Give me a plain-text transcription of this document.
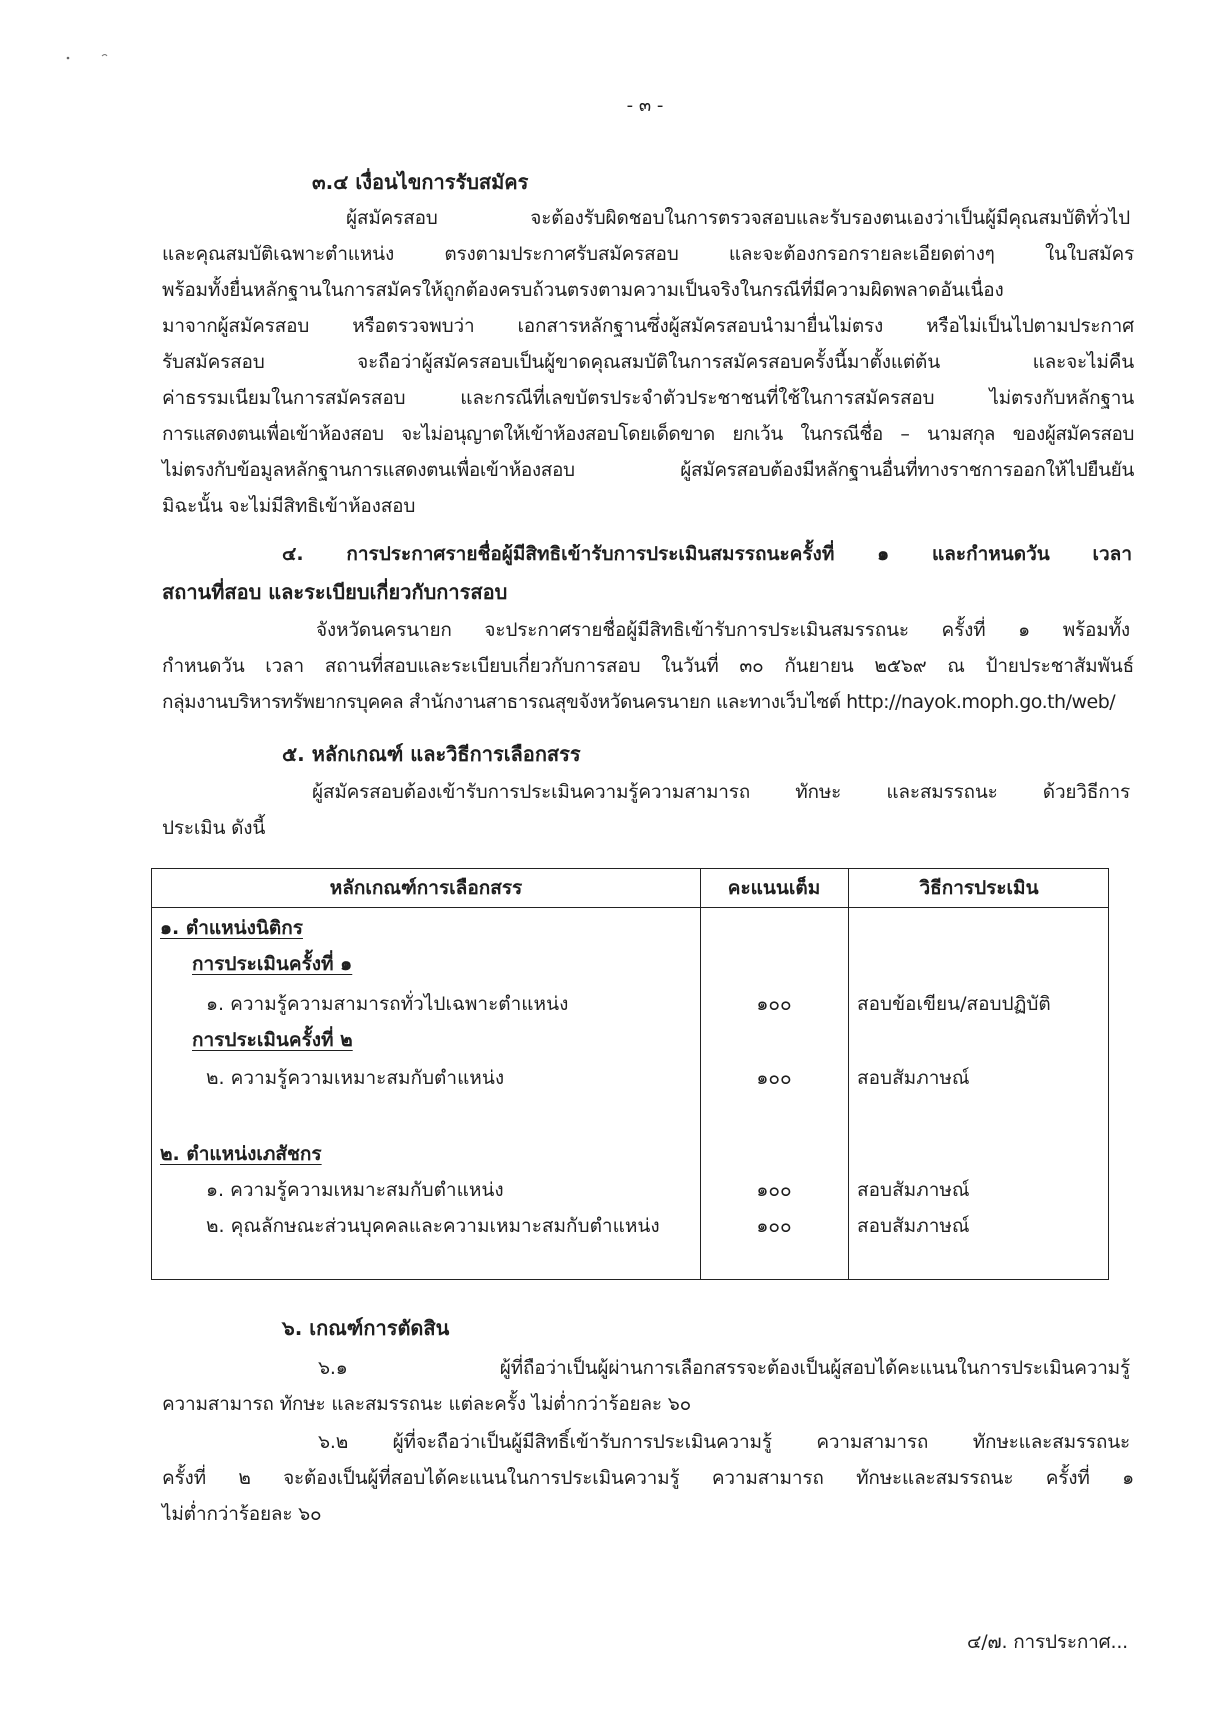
- ๓ -
๓.๔ เงื่อนไขการรับสมัคร
ผู้สมัครสอบ จะต้องรับผิดชอบในการตรวจสอบและรับรองตนเองว่าเป็นผู้มีคุณสมบัติทั่วไป
และคุณสมบัติเฉพาะตำแหน่ง ตรงตามประกาศรับสมัครสอบ และจะต้องกรอกรายละเอียดต่างๆ ในใบสมัคร
พร้อมทั้งยื่นหลักฐานในการสมัครให้ถูกต้องครบถ้วนตรงตามความเป็นจริงในกรณีที่มีความผิดพลาดอันเนื่อง
มาจากผู้สมัครสอบ หรือตรวจพบว่า เอกสารหลักฐานซึ่งผู้สมัครสอบนำมายื่นไม่ตรง หรือไม่เป็นไปตามประกาศ
รับสมัครสอบ จะถือว่าผู้สมัครสอบเป็นผู้ขาดคุณสมบัติในการสมัครสอบครั้งนี้มาตั้งแต่ต้น และจะไม่คืน
ค่าธรรมเนียมในการสมัครสอบ และกรณีที่เลขบัตรประจำตัวประชาชนที่ใช้ในการสมัครสอบ ไม่ตรงกับหลักฐาน
การแสดงตนเพื่อเข้าห้องสอบ จะไม่อนุญาตให้เข้าห้องสอบโดยเด็ดขาด ยกเว้น ในกรณีชื่อ – นามสกุล ของผู้สมัครสอบ
ไม่ตรงกับข้อมูลหลักฐานการแสดงตนเพื่อเข้าห้องสอบ ผู้สมัครสอบต้องมีหลักฐานอื่นที่ทางราชการออกให้ไปยืนยัน
มิฉะนั้น จะไม่มีสิทธิเข้าห้องสอบ
๔. การประกาศรายชื่อผู้มีสิทธิเข้ารับการประเมินสมรรถนะครั้งที่ ๑ และกำหนดวัน เวลา
สถานที่สอบ และระเบียบเกี่ยวกับการสอบ
จังหวัดนครนายก จะประกาศรายชื่อผู้มีสิทธิเข้ารับการประเมินสมรรถนะ ครั้งที่ ๑ พร้อมทั้ง
กำหนดวัน เวลา สถานที่สอบและระเบียบเกี่ยวกับการสอบ ในวันที่ ๓๐ กันยายน ๒๕๖๙ ณ ป้ายประชาสัมพันธ์
กลุ่มงานบริหารทรัพยากรบุคคล สำนักงานสาธารณสุขจังหวัดนครนายก และทางเว็บไซต์ http://nayok.moph.go.th/web/
๕. หลักเกณฑ์ และวิธีการเลือกสรร
ผู้สมัครสอบต้องเข้ารับการประเมินความรู้ความสามารถ ทักษะ และสมรรถนะ ด้วยวิธีการ
ประเมิน ดังนี้
หลักเกณฑ์การเลือกสรร	คะแนนเต็ม	วิธีการประเมิน
๑. ตำแหน่งนิติกร
การประเมินครั้งที่ ๑
๑. ความรู้ความสามารถทั่วไปเฉพาะตำแหน่ง	๑๐๐	สอบข้อเขียน/สอบปฏิบัติ
การประเมินครั้งที่ ๒
๒. ความรู้ความเหมาะสมกับตำแหน่ง	๑๐๐	สอบสัมภาษณ์
๒. ตำแหน่งเภสัชกร
๑. ความรู้ความเหมาะสมกับตำแหน่ง	๑๐๐	สอบสัมภาษณ์
๒. คุณลักษณะส่วนบุคคลและความเหมาะสมกับตำแหน่ง	๑๐๐	สอบสัมภาษณ์
๖. เกณฑ์การตัดสิน
๖.๑ ผู้ที่ถือว่าเป็นผู้ผ่านการเลือกสรรจะต้องเป็นผู้สอบได้คะแนนในการประเมินความรู้
ความสามารถ ทักษะ และสมรรถนะ แต่ละครั้ง ไม่ต่ำกว่าร้อยละ ๖๐
๖.๒ ผู้ที่จะถือว่าเป็นผู้มีสิทธิ์เข้ารับการประเมินความรู้ ความสามารถ ทักษะและสมรรถนะ
ครั้งที่ ๒ จะต้องเป็นผู้ที่สอบได้คะแนนในการประเมินความรู้ ความสามารถ ทักษะและสมรรถนะ ครั้งที่ ๑
ไม่ต่ำกว่าร้อยละ ๖๐
๔/๗. การประกาศ...
